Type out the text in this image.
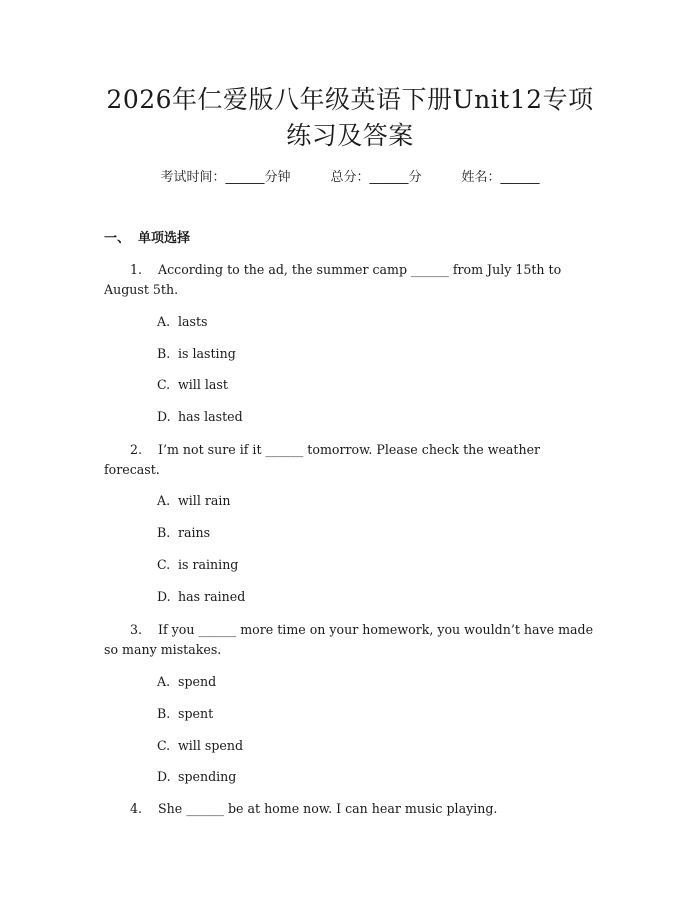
2026年仁爱版八年级英语下册Unit12专项
练习及答案
考试时间：______分钟	总分：______分	姓名：______
一、 单项选择
1. According to the ad, the summer camp ______ from July 15th to
August 5th.
A. lasts
B. is lasting
C. will last
D. has lasted
2. I’m not sure if it ______ tomorrow. Please check the weather
forecast.
A. will rain
B. rains
C. is raining
D. has rained
3. If you ______ more time on your homework, you wouldn’t have made
so many mistakes.
A. spend
B. spent
C. will spend
D. spending
4. She ______ be at home now. I can hear music playing.
